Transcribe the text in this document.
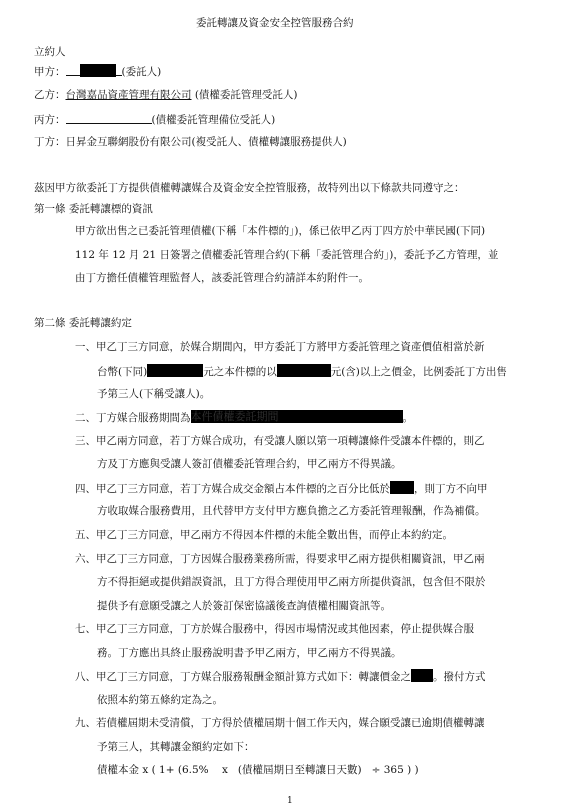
委託轉讓及資金安全控管服務合約
立約人
甲方：	(委託人)
乙方：台灣嘉品資產管理有限公司 (債權委託管理受託人)
丙方：	(債權委託管理備位受託人)
丁方：日昇金互聯網股份有限公司(複受託人、債權轉讓服務提供人)
茲因甲方欲委託丁方提供債權轉讓媒合及資金安全控管服務，故特列出以下條款共同遵守之：
第一條 委託轉讓標的資訊
甲方欲出售之已委託管理債權(下稱「本件標的」)，係已依甲乙丙丁四方於中華民國(下同)
112 年 12 月 21 日簽署之債權委託管理合約(下稱「委託管理合約」)，委託予乙方管理，並
由丁方擔任債權管理監督人，該委託管理合約請詳本約附件一。
第二條 委託轉讓約定
一、甲乙丁三方同意，於媒合期間內，甲方委託丁方將甲方委託管理之資產價值相當於新
台幣(下同)	元之本件標的以	元(含)以上之價金，比例委託丁方出售
予第三人(下稱受讓人)。
二、丁方媒合服務期間為本件債權委託期間	。
三、甲乙兩方同意，若丁方媒合成功，有受讓人願以第一項轉讓條件受讓本件標的，則乙
方及丁方應與受讓人簽訂債權委託管理合約，甲乙兩方不得異議。
四、甲乙丁三方同意，若丁方媒合成交金額占本件標的之百分比低於 ，則丁方不向甲
方收取媒合服務費用，且代替甲方支付甲方應負擔之乙方委託管理報酬，作為補償。
五、甲乙丁三方同意，甲乙兩方不得因本件標的未能全數出售，而停止本約約定。
六、甲乙丁三方同意，丁方因媒合服務業務所需，得要求甲乙兩方提供相關資訊，甲乙兩
方不得拒絕或提供錯誤資訊，且丁方得合理使用甲乙兩方所提供資訊，包含但不限於
提供予有意願受讓之人於簽訂保密協議後查詢債權相關資訊等。
七、甲乙丁三方同意，丁方於媒合服務中，得因市場情況或其他因素，停止提供媒合服
務。丁方應出具終止服務說明書予甲乙兩方，甲乙兩方不得異議。
八、甲乙丁三方同意，丁方媒合服務報酬金額計算方式如下：轉讓價金之 。撥付方式
依照本約第五條約定為之。
九、若債權屆期未受清償，丁方得於債權屆期十個工作天內，媒合願受讓已逾期債權轉讓
予第三人，其轉讓金額約定如下：
債權本金 x ( 1+ (6.5%    x   (債權屆期日至轉讓日天數)   ÷ 365 ) )
1
